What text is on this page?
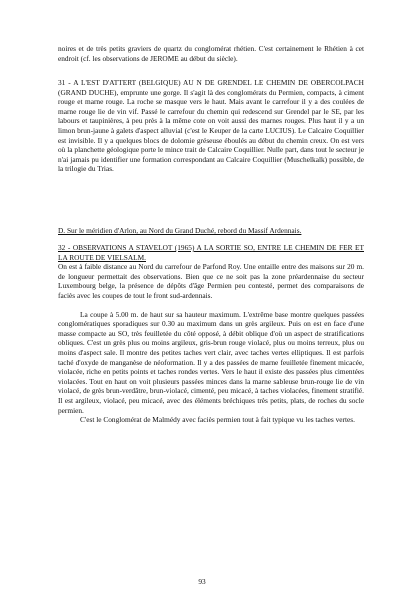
noires et de très petits graviers de quartz du conglomérat rhétien. C'est certainement le Rhétien à cet endroit (cf. les observations de JEROME au début du siècle).

31 - A L'EST D'ATTERT (BELGIQUE) AU N DE GRENDEL LE CHEMIN DE OBERCOLPACH (GRAND DUCHE), emprunte une gorge. Il s'agit là des conglomérats du Permien, compacts, à ciment rouge et marne rouge. La roche se masque vers le haut. Mais avant le carrefour il y a des coulées de marne rouge lie de vin vif. Passé le carrefour du chemin qui redescend sur Grendel par le SE, par les labours et taupinières, à peu près à la même cote on voit aussi des marnes rouges. Plus haut il y a un limon brun-jaune à galets d'aspect alluvial (c'est le Keuper de la carte LUCIUS). Le Calcaire Coquillier est invisible. Il y a quelques blocs de dolomie gréseuse éboulés au début du chemin creux. On est vers où la planchette géologique porte le mince trait de Calcaire Coquillier. Nulle part, dans tout le secteur je n'ai jamais pu identifier une formation correspondant au Calcaire Coquillier (Muschelkalk) possible, de la trilogie du Trias.

D. Sur le méridien d'Arlon, au Nord du Grand Duché, rebord du Massif Ardennais.

32 - OBSERVATIONS A STAVELOT (1965) A LA SORTIE SO, ENTRE LE CHEMIN DE FER ET LA ROUTE DE VIELSALM.

On est à faible distance au Nord du carrefour de Parfond Roy. Une entaille entre des maisons sur 20 m. de longueur permettait des observations. Bien que ce ne soit pas la zone préardennaise du secteur Luxembourg belge, la présence de dépôts d'âge Permien peu contesté, permet des comparaisons de faciès avec les coupes de tout le front sud-ardennais.

La coupe à 5.00 m. de haut sur sa hauteur maximum. L'extrême base montre quelques passées conglomératiques sporadiques sur 0.30 au maximum dans un grès argileux. Puis on est en face d'une masse compacte au SO, très feuilletée du côté opposé, à débit oblique d'où un aspect de stratifications obliques. C'est un grès plus ou moins argileux, gris-brun rouge violacé, plus ou moins terreux, plus ou moins d'aspect sale. Il montre des petites taches vert clair, avec taches vertes elliptiques. Il est parfois taché d'oxyde de manganèse de néoformation. Il y a des passées de marne feuilletée finement micacée, violacée, riche en petits points et taches rondes vertes. Vers le haut il existe des passées plus cimentées violacées. Tout en haut on voit plusieurs passées minces dans la marne sableuse brun-rouge lie de vin violacé, de grès brun-verdâtre, brun-violacé, cimenté, peu micacé, à taches violacées, finement stratifié. Il est argileux, violacé, peu micacé, avec des éléments bréchiques très petits, plats, de roches du socle permien.

C'est le Conglomérat de Malmédy avec faciès permien tout à fait typique vu les taches vertes.

93
